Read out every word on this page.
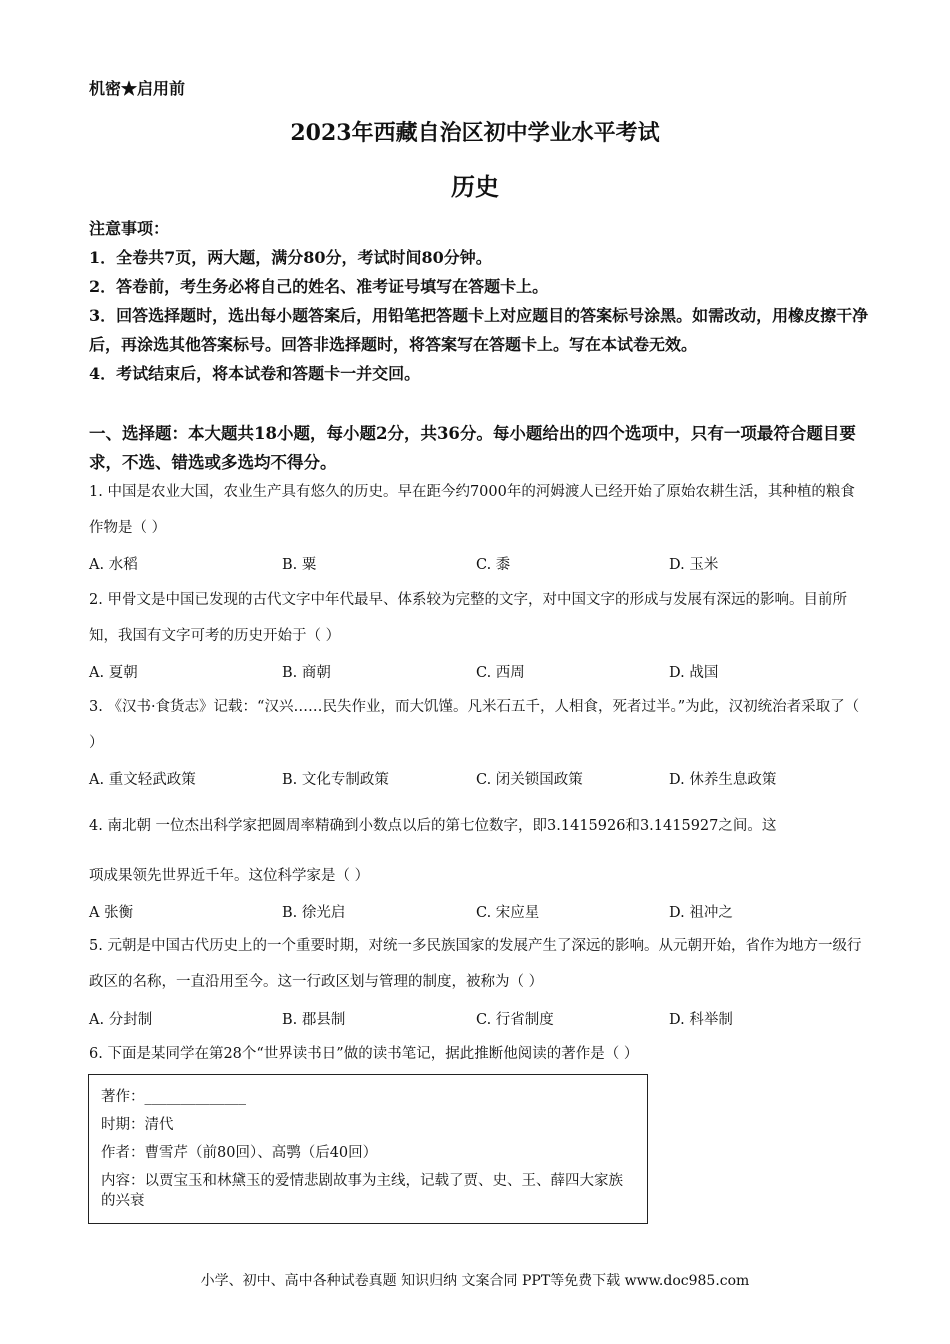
机密★启用前
2023年西藏自治区初中学业水平考试
历史

注意事项：

1．全卷共7页，两大题，满分80分，考试时间80分钟。

2．答卷前，考生务必将自己的姓名、准考证号填写在答题卡上。

3．回答选择题时，选出每小题答案后，用铅笔把答题卡上对应题目的答案标号涂黑。如需改动，用橡皮擦干净后，再涂选其他答案标号。回答非选择题时，将答案写在答题卡上。写在本试卷无效。

4．考试结束后，将本试卷和答题卡一并交回。

一、选择题：本大题共18小题，每小题2分，共36分。每小题给出的四个选项中，只有一项最符合题目要求，不选、错选或多选均不得分。

1. 中国是农业大国，农业生产具有悠久的历史。早在距今约7000年的河姆渡人已经开始了原始农耕生活，其种植的粮食作物是（ ）

A. 水稻	B. 粟	C. 黍	D. 玉米

2. 甲骨文是中国已发现的古代文字中年代最早、体系较为完整的文字，对中国文字的形成与发展有深远的影响。目前所知，我国有文字可考的历史开始于（ ）

A. 夏朝	B. 商朝	C. 西周	D. 战国

3. 《汉书·食货志》记载：“汉兴……民失作业，而大饥馑。凡米石五千，人相食，死者过半。”为此，汉初统治者采取了（ ）

A. 重文轻武政策	B. 文化专制政策	C. 闭关锁国政策	D. 休养生息政策

4. 南北朝 一位杰出科学家把圆周率精确到小数点以后的第七位数字，即3.1415926和3.1415927之间。这

项成果领先世界近千年。这位科学家是（ ）

A 张衡	B. 徐光启	C. 宋应星	D. 祖冲之

5. 元朝是中国古代历史上的一个重要时期，对统一多民族国家的发展产生了深远的影响。从元朝开始，省作为地方一级行政区的名称，一直沿用至今。这一行政区划与管理的制度，被称为（ ）

A. 分封制	B. 郡县制	C. 行省制度	D. 科举制

6. 下面是某同学在第28个“世界读书日”做的读书笔记，据此推断他阅读的著作是（ ）

著作：______________

时期：清代

作者：曹雪芹（前80回）、高鹗（后40回）

内容：以贾宝玉和林黛玉的爱情悲剧故事为主线，记载了贾、史、王、薛四大家族的兴衰

小学、初中、高中各种试卷真题 知识归纳 文案合同 PPT等免费下载 www.doc985.com
